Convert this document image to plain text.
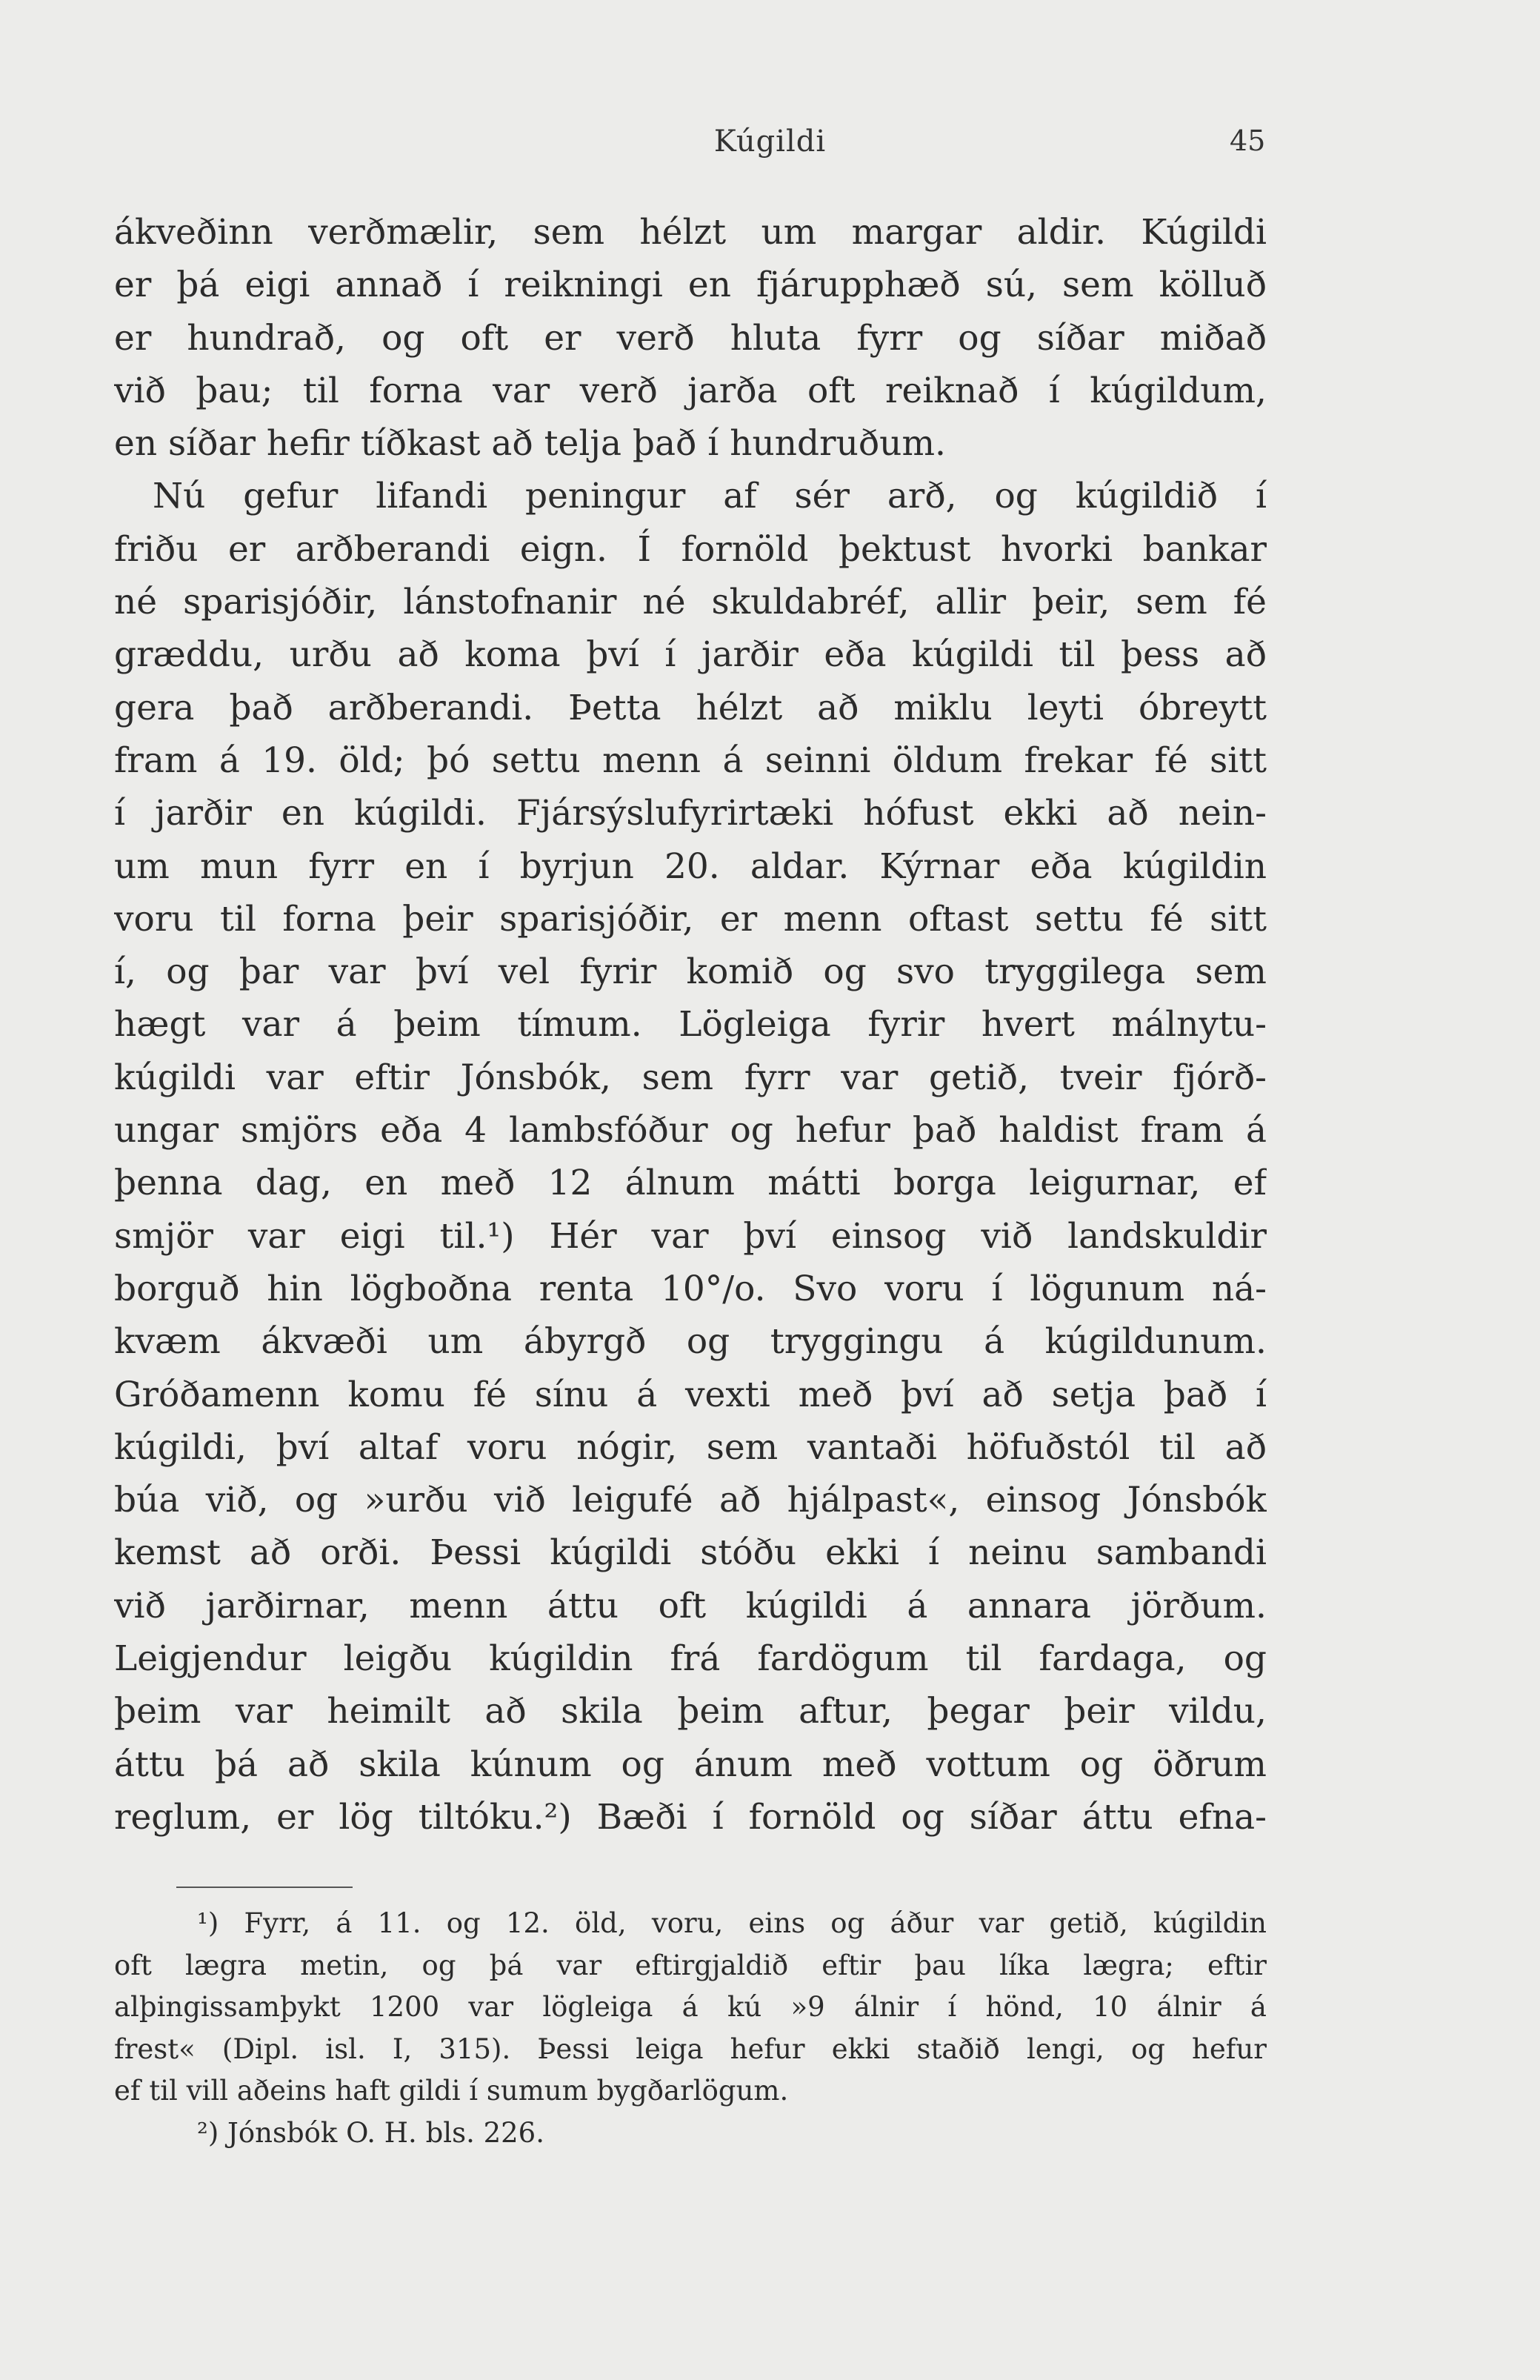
Kúgildi	45
ákveðinn verðmælir, sem hélzt um margar aldir. Kúgildi
er þá eigi annað í reikningi en fjárupphæð sú, sem kölluð
er hundrað, og oft er verð hluta fyrr og síðar miðað
við þau; til forna var verð jarða oft reiknað í kúgildum,
en síðar hefir tíðkast að telja það í hundruðum.
Nú gefur lifandi peningur af sér arð, og kúgildið í
friðu er arðberandi eign. Í fornöld þektust hvorki bankar
né sparisjóðir, lánstofnanir né skuldabréf, allir þeir, sem fé
græddu, urðu að koma því í jarðir eða kúgildi til þess að
gera það arðberandi. Þetta hélzt að miklu leyti óbreytt
fram á 19. öld; þó settu menn á seinni öldum frekar fé sitt
í jarðir en kúgildi. Fjársýslufyrirtæki hófust ekki að nein-
um mun fyrr en í byrjun 20. aldar. Kýrnar eða kúgildin
voru til forna þeir sparisjóðir, er menn oftast settu fé sitt
í, og þar var því vel fyrir komið og svo tryggilega sem
hægt var á þeim tímum. Lögleiga fyrir hvert málnytu-
kúgildi var eftir Jónsbók, sem fyrr var getið, tveir fjórð-
ungar smjörs eða 4 lambsfóður og hefur það haldist fram á
þenna dag, en með 12 álnum mátti borga leigurnar, ef
smjör var eigi til.¹) Hér var því einsog við landskuldir
borguð hin lögboðna renta 10°/o. Svo voru í lögunum ná-
kvæm ákvæði um ábyrgð og tryggingu á kúgildunum.
Gróðamenn komu fé sínu á vexti með því að setja það í
kúgildi, því altaf voru nógir, sem vantaði höfuðstól til að
búa við, og »urðu við leigufé að hjálpast«, einsog Jónsbók
kemst að orði. Þessi kúgildi stóðu ekki í neinu sambandi
við jarðirnar, menn áttu oft kúgildi á annara jörðum.
Leigjendur leigðu kúgildin frá fardögum til fardaga, og
þeim var heimilt að skila þeim aftur, þegar þeir vildu,
áttu þá að skila kúnum og ánum með vottum og öðrum
reglum, er lög tiltóku.²) Bæði í fornöld og síðar áttu efna-
¹) Fyrr, á 11. og 12. öld, voru, eins og áður var getið, kúgildin
oft lægra metin, og þá var eftirgjaldið eftir þau líka lægra; eftir
alþingissamþykt 1200 var lögleiga á kú »9 álnir í hönd, 10 álnir á
frest« (Dipl. isl. I, 315). Þessi leiga hefur ekki staðið lengi, og hefur
ef til vill aðeins haft gildi í sumum bygðarlögum.
²) Jónsbók O. H. bls. 226.
